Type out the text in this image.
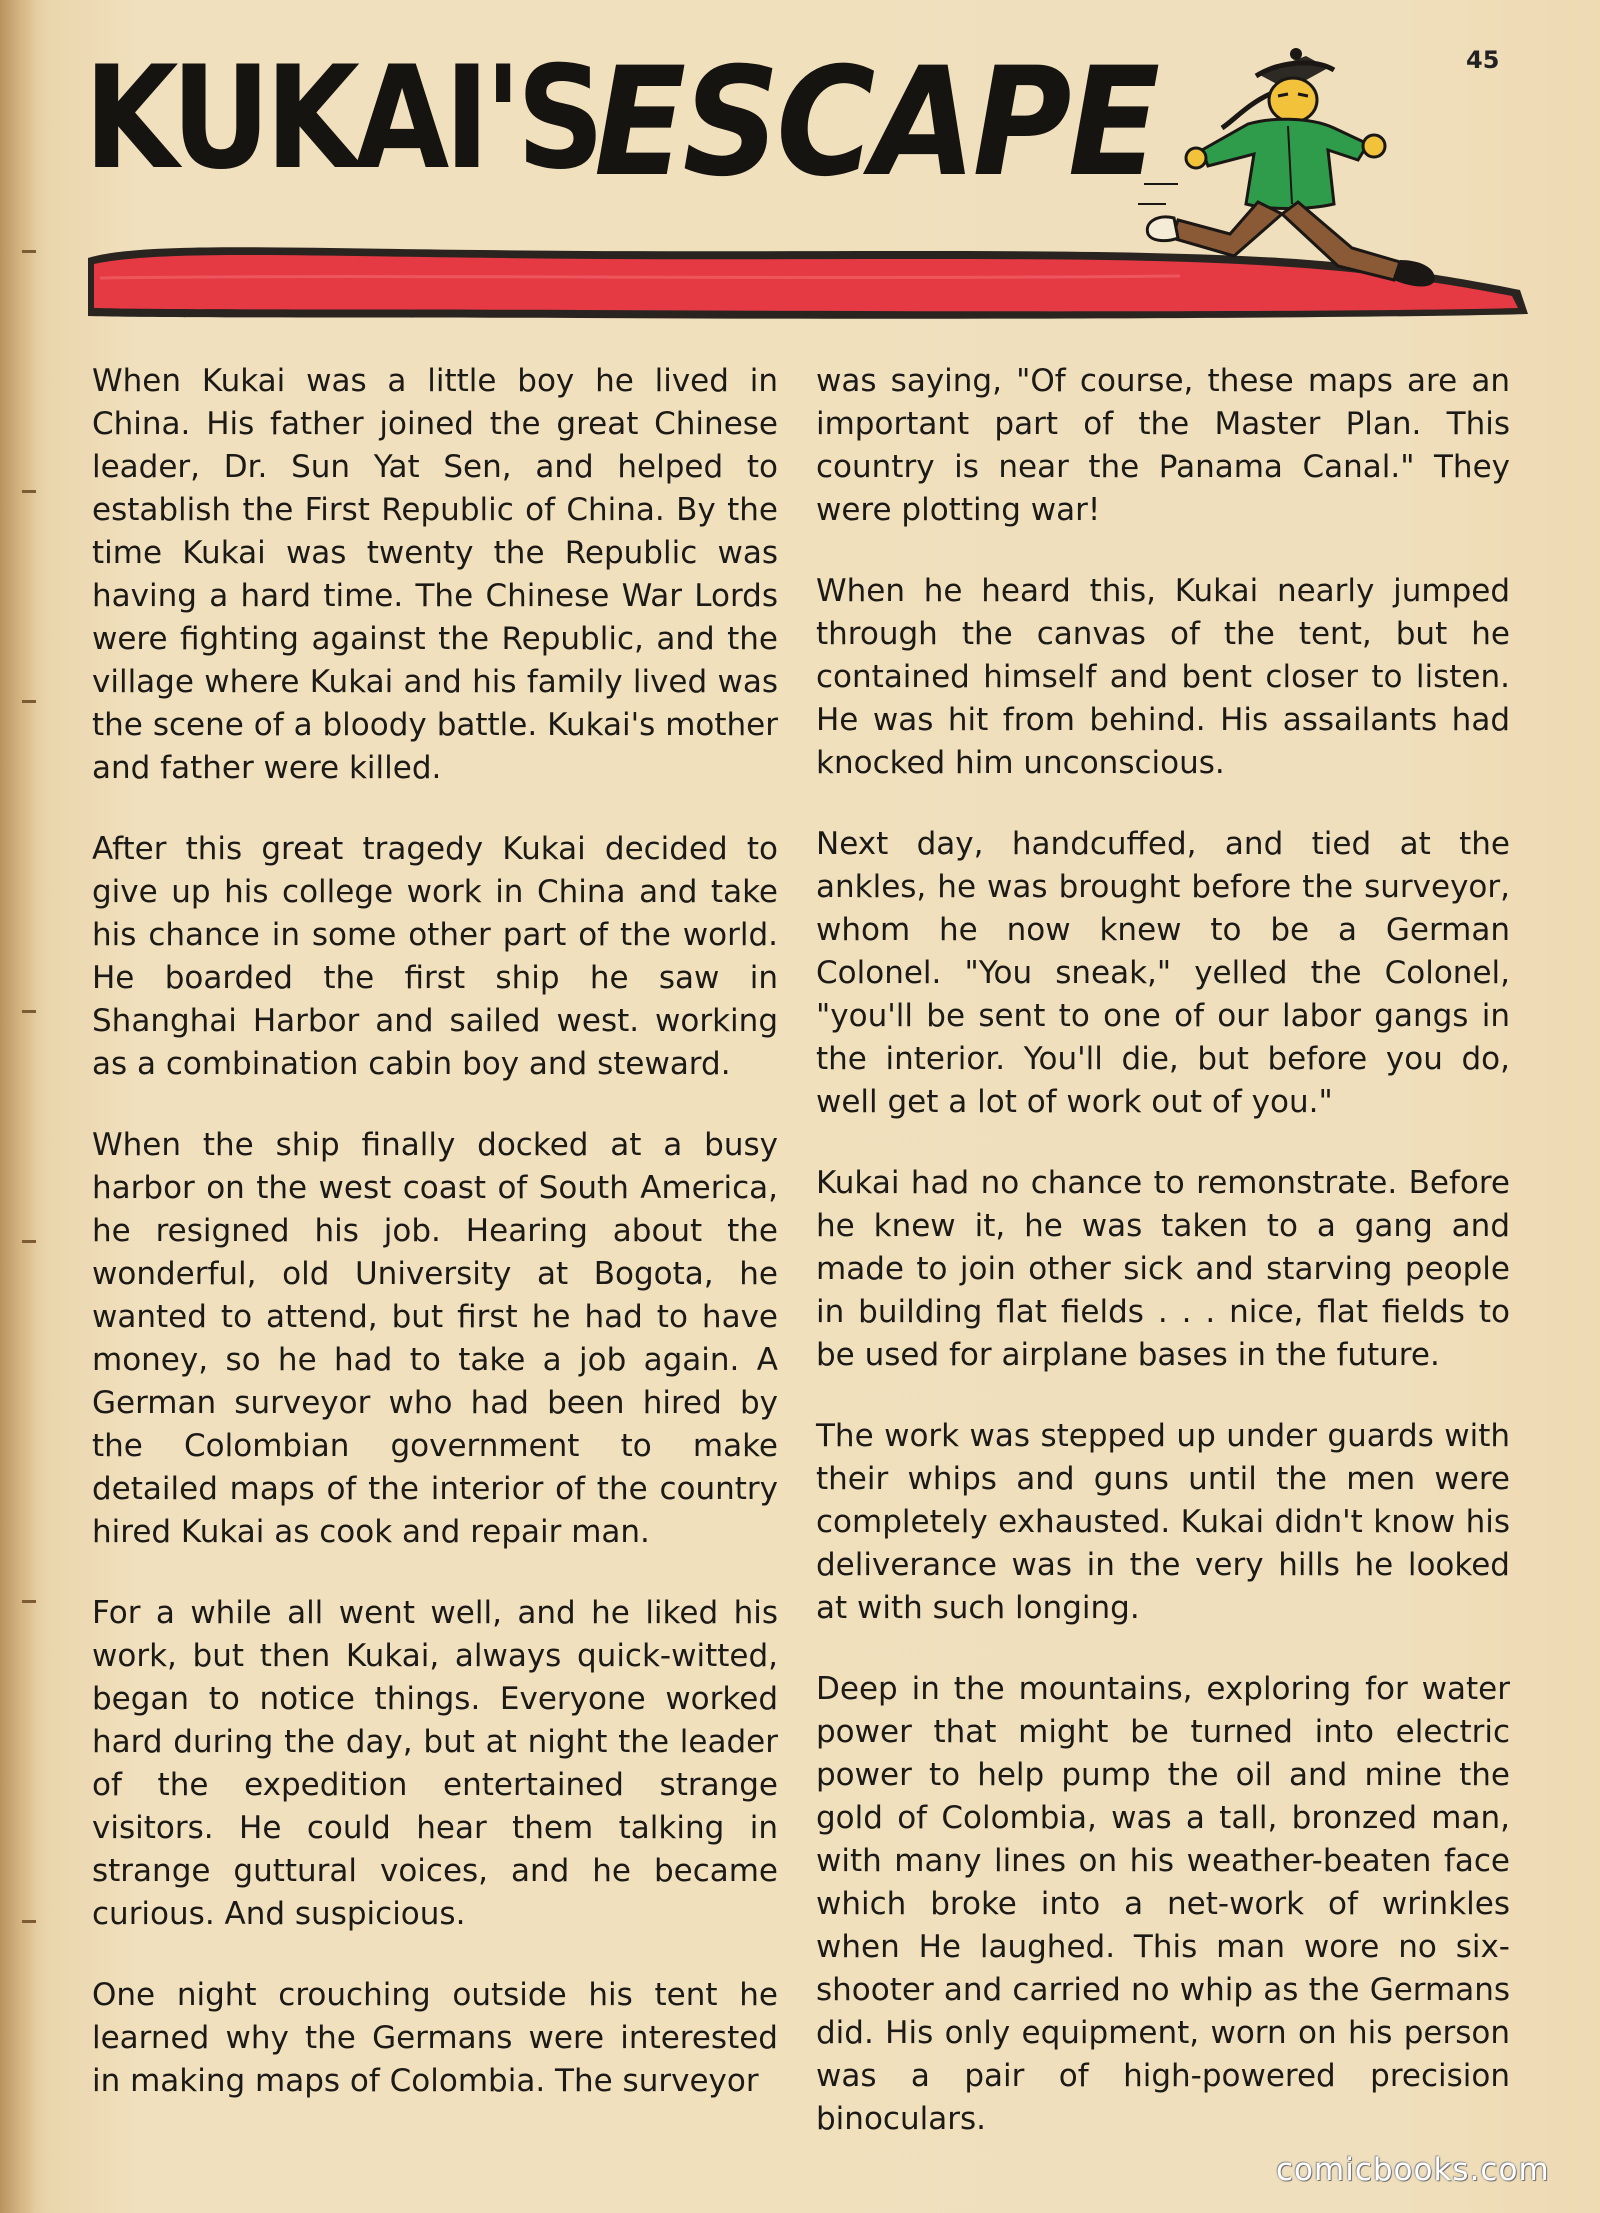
45
KUKAI'S
ESCAPE

When Kukai was a little boy he lived in China. His father joined the great Chinese leader, Dr. Sun Yat Sen, and helped to establish the First Republic of China. By the time Kukai was twenty the Republic was having a hard time. The Chinese War Lords were fighting against the Republic, and the village where Kukai and his family lived was the scene of a bloody battle. Kukai's mother and father were killed.

After this great tragedy Kukai decided to give up his college work in China and take his chance in some other part of the world. He boarded the first ship he saw in Shanghai Harbor and sailed west. working as a combination cabin boy and steward.

When the ship finally docked at a busy harbor on the west coast of South America, he resigned his job. Hearing about the wonderful, old University at Bogota, he wanted to attend, but first he had to have money, so he had to take a job again. A German surveyor who had been hired by the Colombian government to make detailed maps of the interior of the country hired Kukai as cook and repair man.

For a while all went well, and he liked his work, but then Kukai, always quick-witted, began to notice things. Everyone worked hard during the day, but at night the leader of the expedition entertained strange visitors. He could hear them talking in strange guttural voices, and he became curious. And suspicious.

One night crouching outside his tent he learned why the Germans were interested in making maps of Colombia. The surveyor

was saying, "Of course, these maps are an important part of the Master Plan. This country is near the Panama Canal." They were plotting war!

When he heard this, Kukai nearly jumped through the canvas of the tent, but he contained himself and bent closer to listen. He was hit from behind. His assailants had knocked him unconscious.

Next day, handcuffed, and tied at the ankles, he was brought before the surveyor, whom he now knew to be a German Colonel. "You sneak," yelled the Colonel, "you'll be sent to one of our labor gangs in the interior. You'll die, but before you do, well get a lot of work out of you."

Kukai had no chance to remonstrate. Before he knew it, he was taken to a gang and made to join other sick and starving people in building flat fields . . . nice, flat fields to be used for airplane bases in the future.

The work was stepped up under guards with their whips and guns until the men were completely exhausted. Kukai didn't know his deliverance was in the very hills he looked at with such longing.

Deep in the mountains, exploring for water power that might be turned into electric power to help pump the oil and mine the gold of Colombia, was a tall, bronzed man, with many lines on his weather-beaten face which broke into a net-work of wrinkles when He laughed. This man wore no six-shooter and carried no whip as the Germans did. His only equipment, worn on his person was a pair of high-powered precision binoculars.

comicbooks.com
